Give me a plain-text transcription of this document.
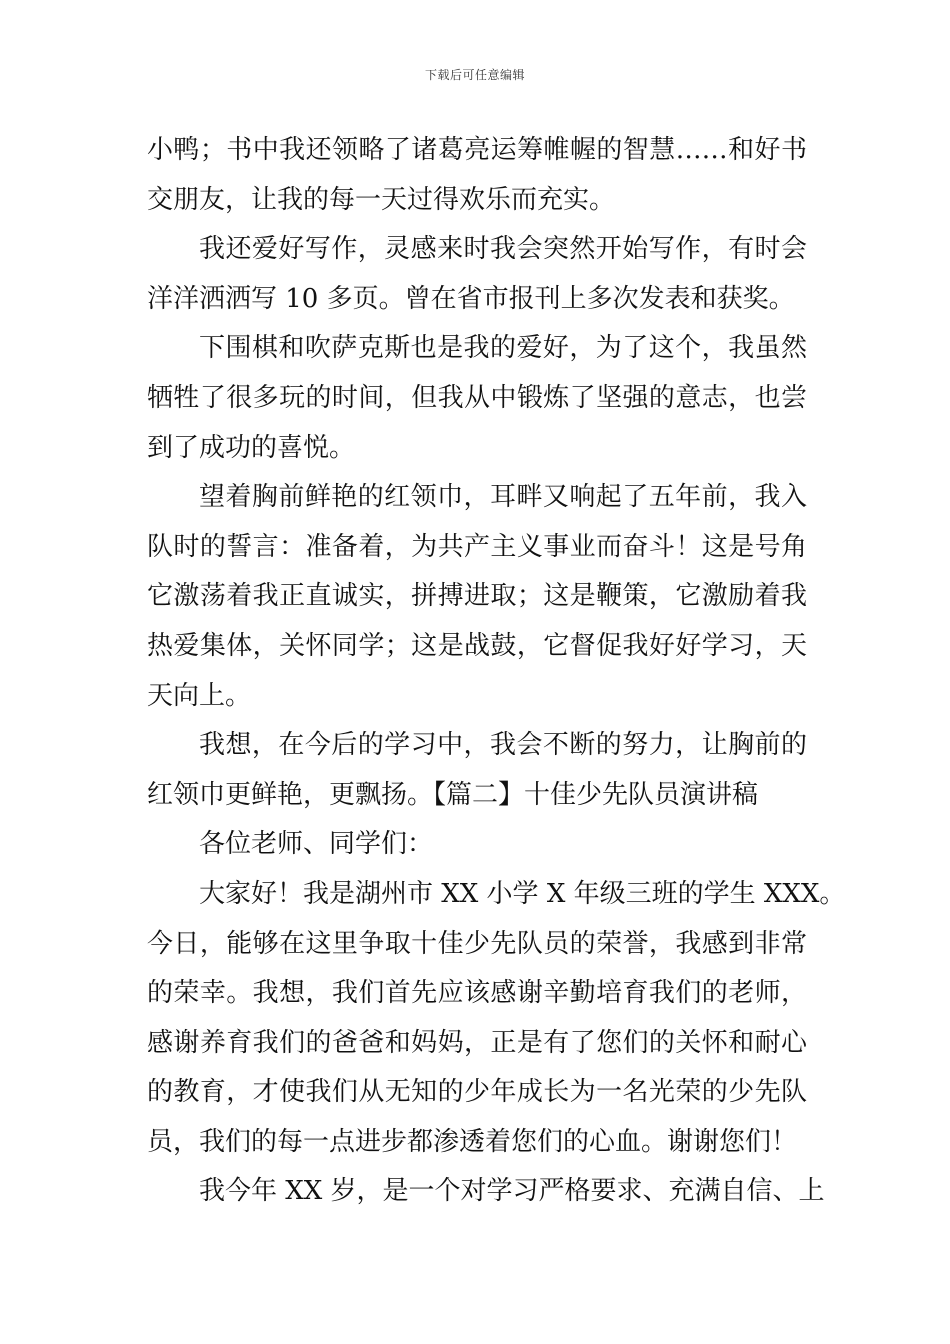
下载后可任意编辑
小鸭；书中我还领略了诸葛亮运筹帷幄的智慧……和好书
交朋友，让我的每一天过得欢乐而充实。
我还爱好写作，灵感来时我会突然开始写作，有时会
洋洋洒洒写 10 多页。曾在省市报刊上多次发表和获奖。
下围棋和吹萨克斯也是我的爱好，为了这个，我虽然
牺牲了很多玩的时间，但我从中锻炼了坚强的意志，也尝
到了成功的喜悦。
望着胸前鲜艳的红领巾，耳畔又响起了五年前，我入
队时的誓言：准备着，为共产主义事业而奋斗！这是号角
它激荡着我正直诚实，拼搏进取；这是鞭策，它激励着我
热爱集体，关怀同学；这是战鼓，它督促我好好学习，天
天向上。
我想，在今后的学习中，我会不断的努力，让胸前的
红领巾更鲜艳，更飘扬。【篇二】十佳少先队员演讲稿
各位老师、同学们：
大家好！我是湖州市 XX 小学 X 年级三班的学生 XXX。
今日，能够在这里争取十佳少先队员的荣誉，我感到非常
的荣幸。我想，我们首先应该感谢辛勤培育我们的老师，
感谢养育我们的爸爸和妈妈，正是有了您们的关怀和耐心
的教育，才使我们从无知的少年成长为一名光荣的少先队
员，我们的每一点进步都渗透着您们的心血。谢谢您们！
我今年 XX 岁，是一个对学习严格要求、充满自信、上
